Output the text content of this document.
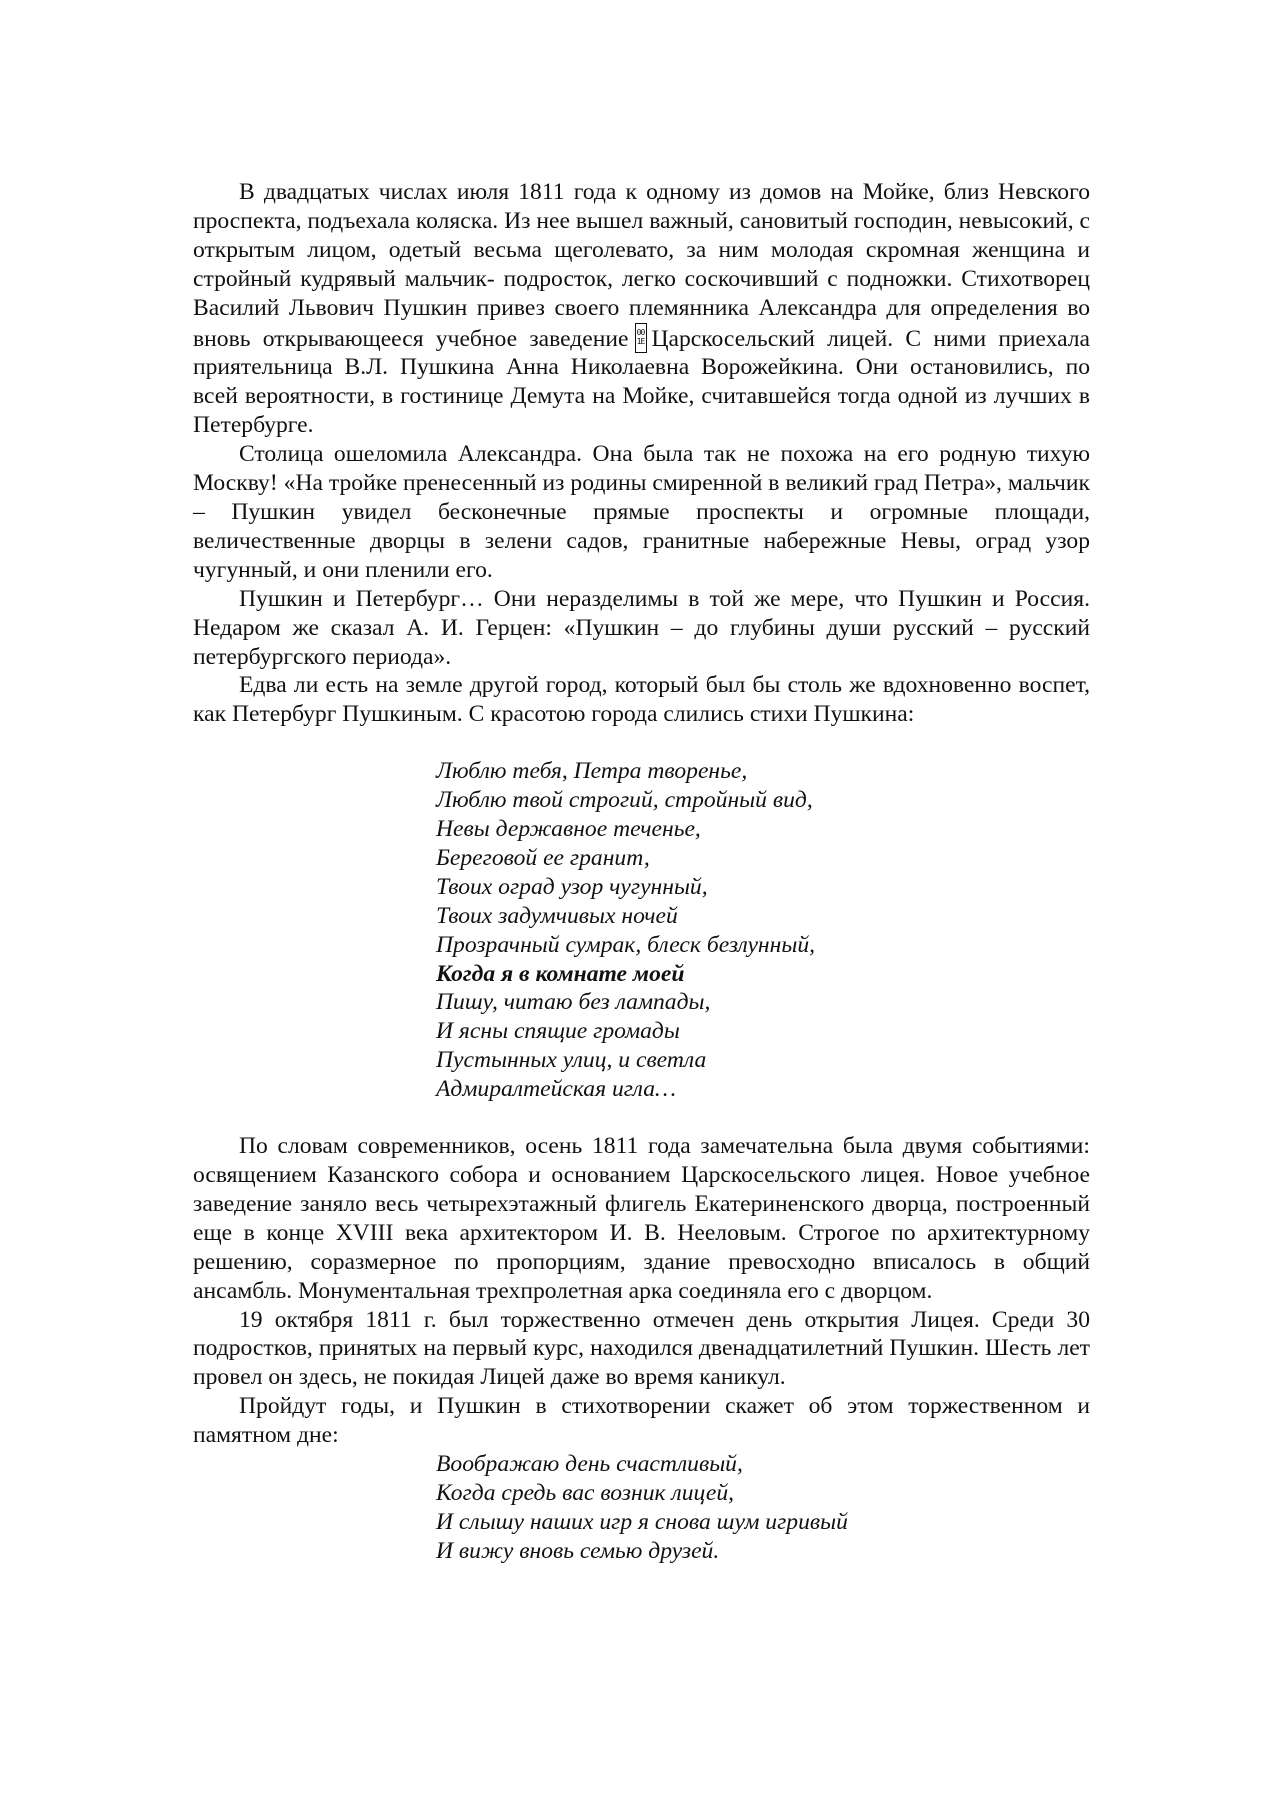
В двадцатых числах июля 1811 года к одному из домов на Мойке, близ Невского проспекта, подъехала коляска. Из нее вышел важный, сановитый господин, невысокий, с открытым лицом, одетый весьма щеголевато, за ним молодая скромная женщина и стройный кудрявый мальчик- подросток, легко соскочивший с подножки. Стихотворец Василий Львович Пушкин привез своего племянника Александра для определения во вновь открывающееся учебное заведение 00 1E Царскосельский лицей. С ними приехала приятельница В.Л. Пушкина Анна Николаевна Ворожейкина. Они остановились, по всей вероятности, в гостинице Демута на Мойке, считавшейся тогда одной из лучших в Петербурге.

Столица ошеломила Александра. Она была так не похожа на его родную тихую Москву! «На тройке пренесенный из родины смиренной в великий град Петра», мальчик – Пушкин увидел бесконечные прямые проспекты и огромные площади, величественные дворцы в зелени садов, гранитные набережные Невы, оград узор чугунный, и они пленили его.

Пушкин и Петербург… Они неразделимы в той же мере, что Пушкин и Россия. Недаром же сказал А. И. Герцен: «Пушкин – до глубины души русский – русский петербургского периода».

Едва ли есть на земле другой город, который был бы столь же вдохновенно воспет, как Петербург Пушкиным. С красотою города слились стихи Пушкина:

Люблю тебя, Петра творенье,
Люблю твой строгий, стройный вид,
Невы державное теченье,
Береговой ее гранит,
Твоих оград узор чугунный,
Твоих задумчивых ночей
Прозрачный сумрак, блеск безлунный,
Когда я в комнате моей
Пишу, читаю без лампады,
И ясны спящие громады
Пустынных улиц, и светла
Адмиралтейская игла…

По словам современников, осень 1811 года замечательна была двумя событиями: освящением Казанского собора и основанием Царскосельского лицея. Новое учебное заведение заняло весь четырехэтажный флигель Екатериненского дворца, построенный еще в конце XVIII века архитектором И. В. Нееловым. Строгое по архитектурному решению, соразмерное по пропорциям, здание превосходно вписалось в общий ансамбль. Монументальная трехпролетная арка соединяла его с дворцом.

19 октября 1811 г. был торжественно отмечен день открытия Лицея. Среди 30 подростков, принятых на первый курс, находился двенадцатилетний Пушкин. Шесть лет провел он здесь, не покидая Лицей даже во время каникул.

Пройдут годы, и Пушкин в стихотворении скажет об этом торжественном и памятном дне:

Воображаю день счастливый,
Когда средь вас возник лицей,
И слышу наших игр я снова шум игривый
И вижу вновь семью друзей.
